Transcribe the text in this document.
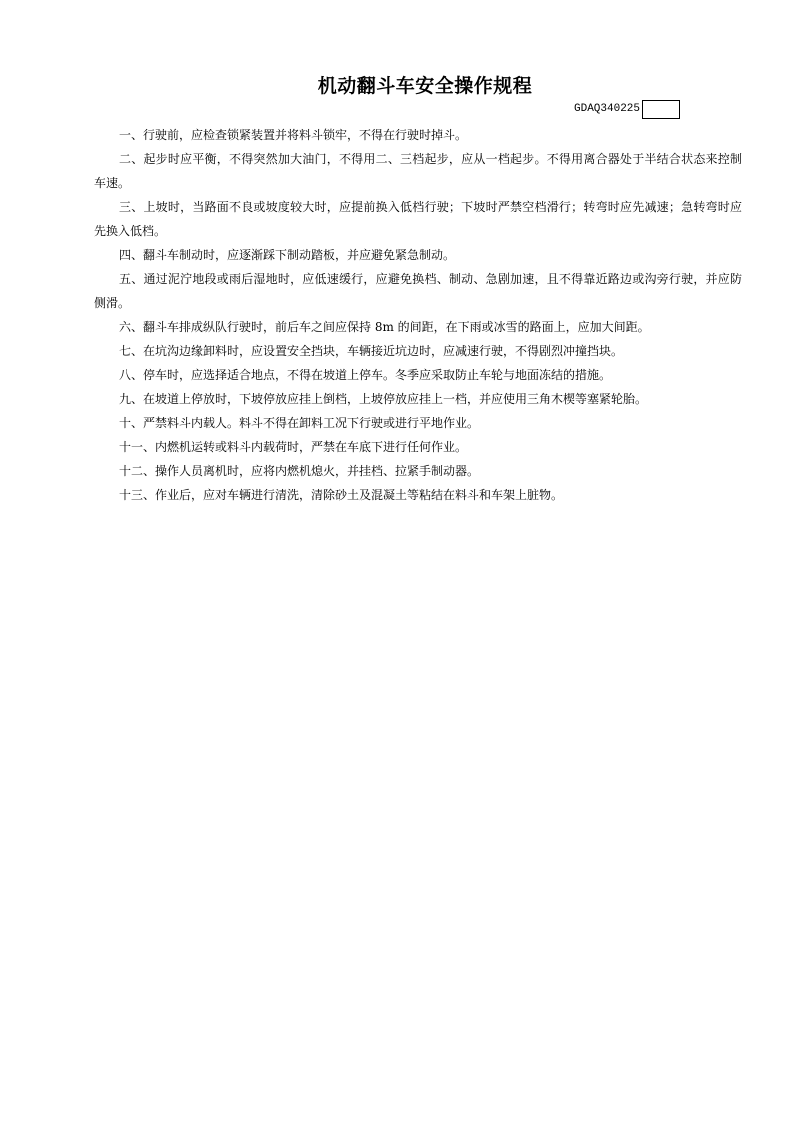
机动翻斗车安全操作规程
GDAQ340225

一、行驶前，应检查锁紧装置并将料斗锁牢，不得在行驶时掉斗。

二、起步时应平衡，不得突然加大油门，不得用二、三档起步，应从一档起步。不得用离合器处于半结合状态来控制车速。

三、上坡时，当路面不良或坡度较大时，应提前换入低档行驶；下坡时严禁空档滑行；转弯时应先减速；急转弯时应先换入低档。

四、翻斗车制动时，应逐渐踩下制动踏板，并应避免紧急制动。

五、通过泥泞地段或雨后湿地时，应低速缓行，应避免换档、制动、急剧加速，且不得靠近路边或沟旁行驶，并应防侧滑。

六、翻斗车排成纵队行驶时，前后车之间应保持 8m 的间距，在下雨或冰雪的路面上，应加大间距。

七、在坑沟边缘卸料时，应设置安全挡块，车辆接近坑边时，应减速行驶，不得剧烈冲撞挡块。

八、停车时，应选择适合地点，不得在坡道上停车。冬季应采取防止车轮与地面冻结的措施。

九、在坡道上停放时，下坡停放应挂上倒档，上坡停放应挂上一档，并应使用三角木楔等塞紧轮胎。

十、严禁料斗内载人。料斗不得在卸料工况下行驶或进行平地作业。

十一、内燃机运转或料斗内载荷时，严禁在车底下进行任何作业。

十二、操作人员离机时，应将内燃机熄火，并挂档、拉紧手制动器。

十三、作业后，应对车辆进行清洗，清除砂土及混凝土等粘结在料斗和车架上脏物。
